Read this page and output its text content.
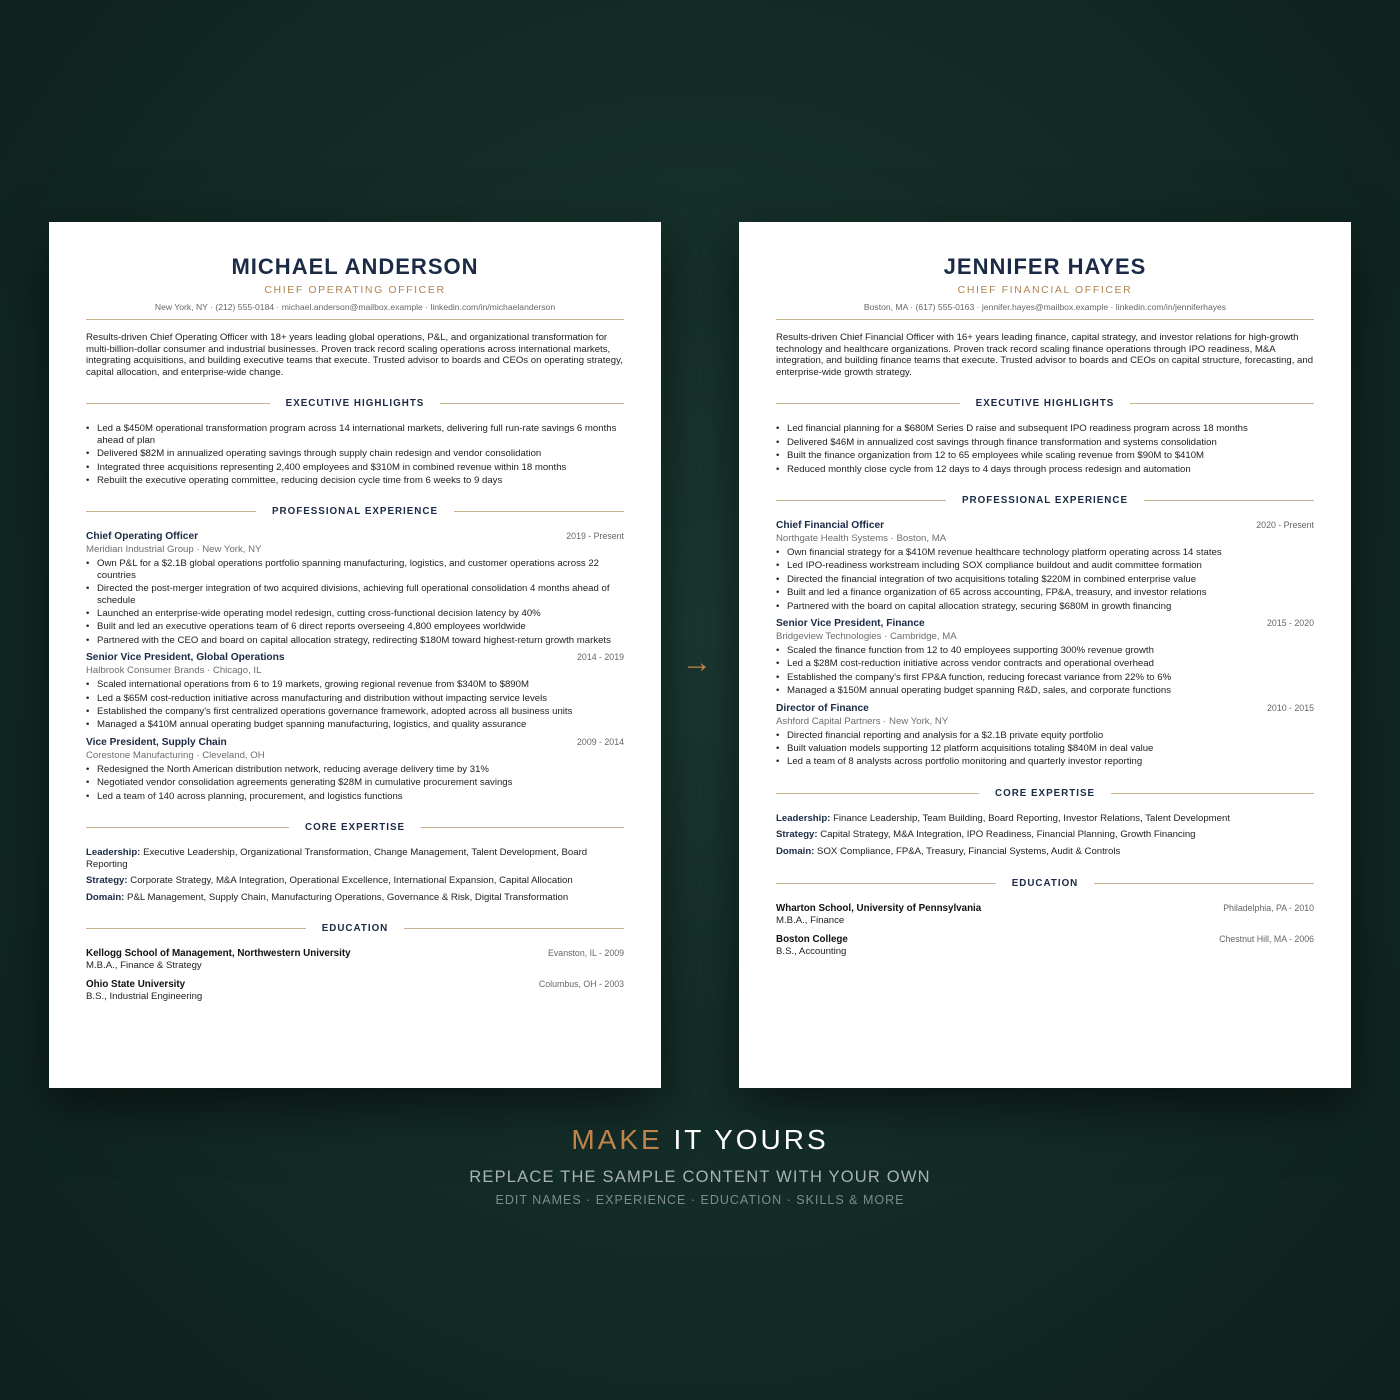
MICHAEL ANDERSON
CHIEF OPERATING OFFICER
New York, NY · (212) 555-0184 · michael.anderson@mailbox.example · linkedin.com/in/michaelanderson
Results-driven Chief Operating Officer with 18+ years leading global operations, P&L, and organizational transformation for multi-billion-dollar consumer and industrial businesses. Proven track record scaling operations across international markets, integrating acquisitions, and building executive teams that execute. Trusted advisor to boards and CEOs on operating strategy, capital allocation, and enterprise-wide change.
EXECUTIVE HIGHLIGHTS
• Led a $450M operational transformation program across 14 international markets, delivering full run-rate savings 6 months ahead of plan
• Delivered $82M in annualized operating savings through supply chain redesign and vendor consolidation
• Integrated three acquisitions representing 2,400 employees and $310M in combined revenue within 18 months
• Rebuilt the executive operating committee, reducing decision cycle time from 6 weeks to 9 days
PROFESSIONAL EXPERIENCE
Chief Operating Officer	2019 - Present
Meridian Industrial Group · New York, NY
• Own P&L for a $2.1B global operations portfolio spanning manufacturing, logistics, and customer operations across 22 countries
• Directed the post-merger integration of two acquired divisions, achieving full operational consolidation 4 months ahead of schedule
• Launched an enterprise-wide operating model redesign, cutting cross-functional decision latency by 40%
• Built and led an executive operations team of 6 direct reports overseeing 4,800 employees worldwide
• Partnered with the CEO and board on capital allocation strategy, redirecting $180M toward highest-return growth markets
Senior Vice President, Global Operations	2014 - 2019
Halbrook Consumer Brands · Chicago, IL
• Scaled international operations from 6 to 19 markets, growing regional revenue from $340M to $890M
• Led a $65M cost-reduction initiative across manufacturing and distribution without impacting service levels
• Established the company's first centralized operations governance framework, adopted across all business units
• Managed a $410M annual operating budget spanning manufacturing, logistics, and quality assurance
Vice President, Supply Chain	2009 - 2014
Corestone Manufacturing · Cleveland, OH
• Redesigned the North American distribution network, reducing average delivery time by 31%
• Negotiated vendor consolidation agreements generating $28M in cumulative procurement savings
• Led a team of 140 across planning, procurement, and logistics functions
CORE EXPERTISE
Leadership: Executive Leadership, Organizational Transformation, Change Management, Talent Development, Board Reporting
Strategy: Corporate Strategy, M&A Integration, Operational Excellence, International Expansion, Capital Allocation
Domain: P&L Management, Supply Chain, Manufacturing Operations, Governance & Risk, Digital Transformation
EDUCATION
Kellogg School of Management, Northwestern University	Evanston, IL - 2009
M.B.A., Finance & Strategy
Ohio State University	Columbus, OH - 2003
B.S., Industrial Engineering
JENNIFER HAYES
CHIEF FINANCIAL OFFICER
Boston, MA · (617) 555-0163 · jennifer.hayes@mailbox.example · linkedin.com/in/jenniferhayes
Results-driven Chief Financial Officer with 16+ years leading finance, capital strategy, and investor relations for high-growth technology and healthcare organizations. Proven track record scaling finance operations through IPO readiness, M&A integration, and building finance teams that execute. Trusted advisor to boards and CEOs on capital structure, forecasting, and enterprise-wide growth strategy.
EXECUTIVE HIGHLIGHTS
• Led financial planning for a $680M Series D raise and subsequent IPO readiness program across 18 months
• Delivered $46M in annualized cost savings through finance transformation and systems consolidation
• Built the finance organization from 12 to 65 employees while scaling revenue from $90M to $410M
• Reduced monthly close cycle from 12 days to 4 days through process redesign and automation
PROFESSIONAL EXPERIENCE
Chief Financial Officer	2020 - Present
Northgate Health Systems · Boston, MA
• Own financial strategy for a $410M revenue healthcare technology platform operating across 14 states
• Led IPO-readiness workstream including SOX compliance buildout and audit committee formation
• Directed the financial integration of two acquisitions totaling $220M in combined enterprise value
• Built and led a finance organization of 65 across accounting, FP&A, treasury, and investor relations
• Partnered with the board on capital allocation strategy, securing $680M in growth financing
Senior Vice President, Finance	2015 - 2020
Bridgeview Technologies · Cambridge, MA
• Scaled the finance function from 12 to 40 employees supporting 300% revenue growth
• Led a $28M cost-reduction initiative across vendor contracts and operational overhead
• Established the company's first FP&A function, reducing forecast variance from 22% to 6%
• Managed a $150M annual operating budget spanning R&D, sales, and corporate functions
Director of Finance	2010 - 2015
Ashford Capital Partners · New York, NY
• Directed financial reporting and analysis for a $2.1B private equity portfolio
• Built valuation models supporting 12 platform acquisitions totaling $840M in deal value
• Led a team of 8 analysts across portfolio monitoring and quarterly investor reporting
CORE EXPERTISE
Leadership: Finance Leadership, Team Building, Board Reporting, Investor Relations, Talent Development
Strategy: Capital Strategy, M&A Integration, IPO Readiness, Financial Planning, Growth Financing
Domain: SOX Compliance, FP&A, Treasury, Financial Systems, Audit & Controls
EDUCATION
Wharton School, University of Pennsylvania	Philadelphia, PA - 2010
M.B.A., Finance
Boston College	Chestnut Hill, MA - 2006
B.S., Accounting
→
MAKE IT YOURS
REPLACE THE SAMPLE CONTENT WITH YOUR OWN
EDIT NAMES · EXPERIENCE · EDUCATION · SKILLS & MORE
